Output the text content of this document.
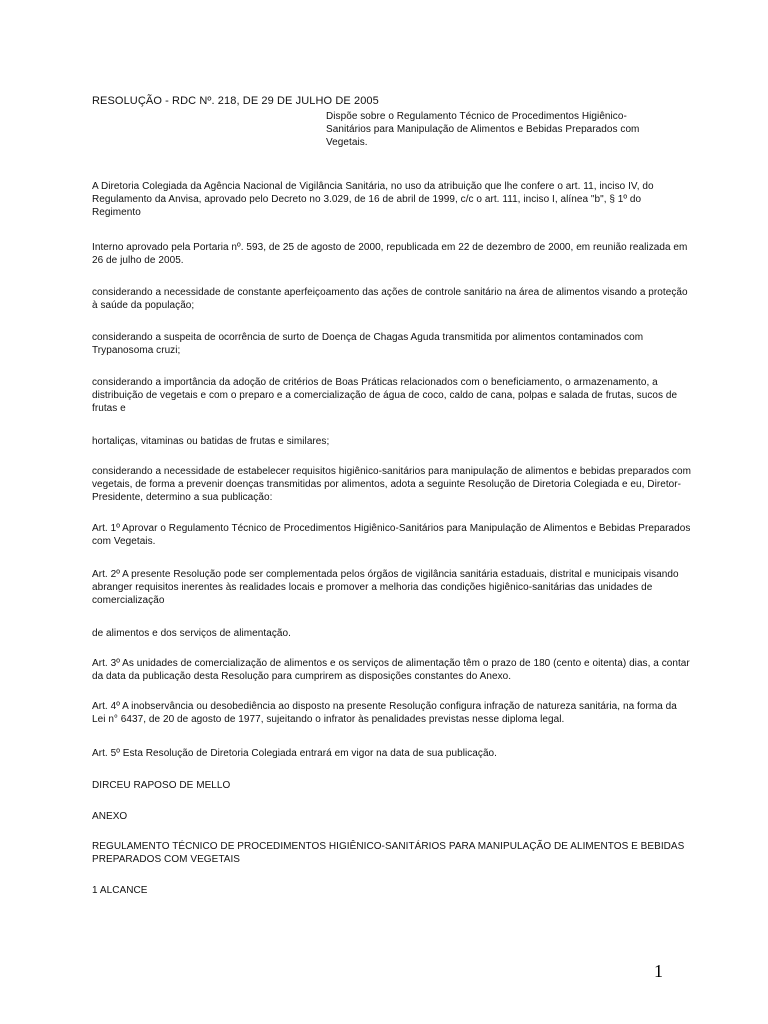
RESOLUÇÃO - RDC Nº. 218, DE 29 DE JULHO DE 2005

Dispõe sobre o Regulamento Técnico de Procedimentos Higiênico-Sanitários para Manipulação de Alimentos e Bebidas Preparados com Vegetais.

A Diretoria Colegiada da Agência Nacional de Vigilância Sanitária, no uso da atribuição que lhe confere o art. 11, inciso IV, do Regulamento da Anvisa, aprovado pelo Decreto no 3.029, de 16 de abril de 1999, c/c o art. 111, inciso I, alínea "b", § 1º do Regimento

Interno aprovado pela Portaria nº. 593, de 25 de agosto de 2000, republicada em 22 de dezembro de 2000, em reunião realizada em 26 de julho de 2005.

considerando a necessidade de constante aperfeiçoamento das ações de controle sanitário na área de alimentos visando a proteção à saúde da população;

considerando a suspeita de ocorrência de surto de Doença de Chagas Aguda transmitida por alimentos contaminados com Trypanosoma cruzi;

considerando a importância da adoção de critérios de Boas Práticas relacionados com o beneficiamento, o armazenamento, a distribuição de vegetais e com o preparo e a comercialização de água de coco, caldo de cana, polpas e salada de frutas, sucos de frutas e

hortaliças, vitaminas ou batidas de frutas e similares;

considerando a necessidade de estabelecer requisitos higiênico-sanitários para manipulação de alimentos e bebidas preparados com vegetais, de forma a prevenir doenças transmitidas por alimentos, adota a seguinte Resolução de Diretoria Colegiada e eu, Diretor-Presidente, determino a sua publicação:

Art. 1º Aprovar o Regulamento Técnico de Procedimentos Higiênico-Sanitários para Manipulação de Alimentos e Bebidas Preparados com Vegetais.

Art. 2º A presente Resolução pode ser complementada pelos órgãos de vigilância sanitária estaduais, distrital e municipais visando abranger requisitos inerentes às realidades locais e promover a melhoria das condições higiênico-sanitárias das unidades de comercialização

de alimentos e dos serviços de alimentação.

Art. 3º As unidades de comercialização de alimentos e os serviços de alimentação têm o prazo de 180 (cento e oitenta) dias, a contar da data da publicação desta Resolução para cumprirem as disposições constantes do Anexo.

Art. 4º A inobservância ou desobediência ao disposto na presente Resolução configura infração de natureza sanitária, na forma da Lei n° 6437, de 20 de agosto de 1977, sujeitando o infrator às penalidades previstas nesse diploma legal.

Art. 5º Esta Resolução de Diretoria Colegiada entrará em vigor na data de sua publicação.

DIRCEU RAPOSO DE MELLO

ANEXO

REGULAMENTO TÉCNICO DE PROCEDIMENTOS HIGIÊNICO-SANITÁRIOS PARA MANIPULAÇÃO DE ALIMENTOS E BEBIDAS PREPARADOS COM VEGETAIS

1 ALCANCE

1
